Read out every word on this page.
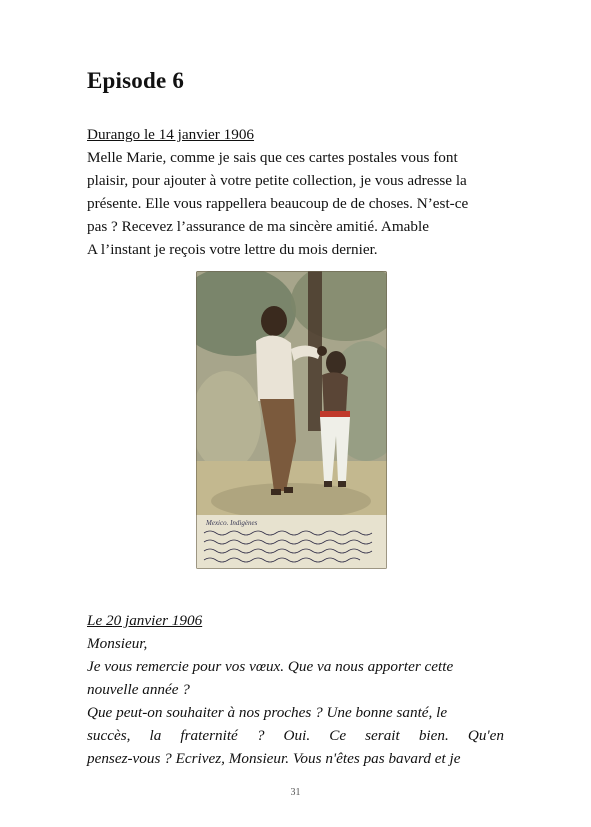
Episode 6
Durango le 14 janvier 1906
Melle Marie, comme je sais que ces cartes postales vous font
plaisir, pour ajouter à votre petite collection, je vous adresse la
présente. Elle vous rappellera beaucoup de de choses. N’est-ce
pas ? Recevez l’assurance de ma sincère amitié. Amable
A l’instant je reçois votre lettre du mois dernier.
Mexico. Indigènes
Le 20 janvier 1906
Monsieur,
Je vous remercie pour vos vœux. Que va nous apporter cette
nouvelle année ?
Que peut-on souhaiter à nos proches ? Une bonne santé, le
succès, la fraternité ? Oui. Ce serait bien. Qu'en
pensez-vous ? Ecrivez, Monsieur. Vous n'êtes pas bavard et je
31
